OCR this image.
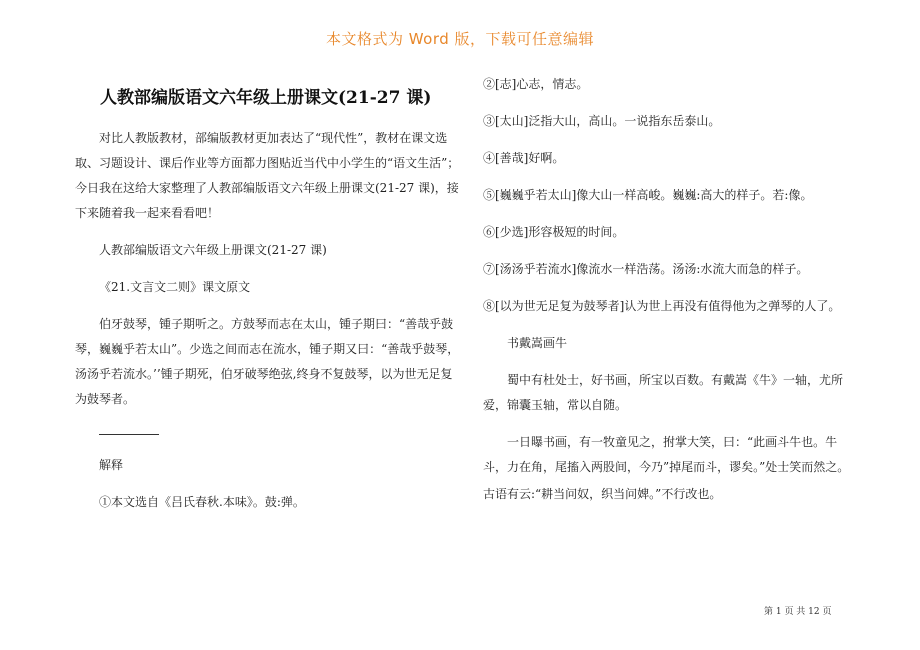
本文格式为 Word 版，下载可任意编辑
人教部编版语文六年级上册课文(21-27 课)

对比人教版教材，部编版教材更加表达了“现代性”，教材在课文选取、习题设计、课后作业等方面都力图贴近当代中小学生的“语文生活”；今日我在这给大家整理了人教部编版语文六年级上册课文(21-27 课)，接下来随着我一起来看看吧！

人教部编版语文六年级上册课文(21-27 课)

《21.文言文二则》课文原文

伯牙鼓琴，锺子期听之。方鼓琴而志在太山，锺子期曰：“善哉乎鼓琴，巍巍乎若太山”。少选之间而志在流水，锺子期又曰：“善哉乎鼓琴，汤汤乎若流水。’’锺子期死，伯牙破琴绝弦,终身不复鼓琴，以为世无足复为鼓琴者。

解释

①本文选自《吕氏春秋.本味》。鼓:弹。

②[志]心志，情志。

③[太山]泛指大山，高山。一说指东岳泰山。

④[善哉]好啊。

⑤[巍巍乎若太山]像大山一样高峻。巍巍:高大的样子。若:像。

⑥[少选]形容极短的时间。

⑦[汤汤乎若流水]像流水一样浩荡。汤汤:水流大而急的样子。

⑧[以为世无足复为鼓琴者]认为世上再没有值得他为之弹琴的人了。

书戴嵩画牛

蜀中有杜处士，好书画，所宝以百数。有戴嵩《牛》一轴，尤所爱，锦囊玉轴，常以自随。

一日曝书画，有一牧童见之，拊掌大笑，曰：“此画斗牛也。牛斗，力在角，尾搐入两股间，今乃”掉尾而斗，谬矣。”处士笑而然之。

古语有云:“耕当问奴，织当问婢。”不行改也。

第 1 页 共 12 页
